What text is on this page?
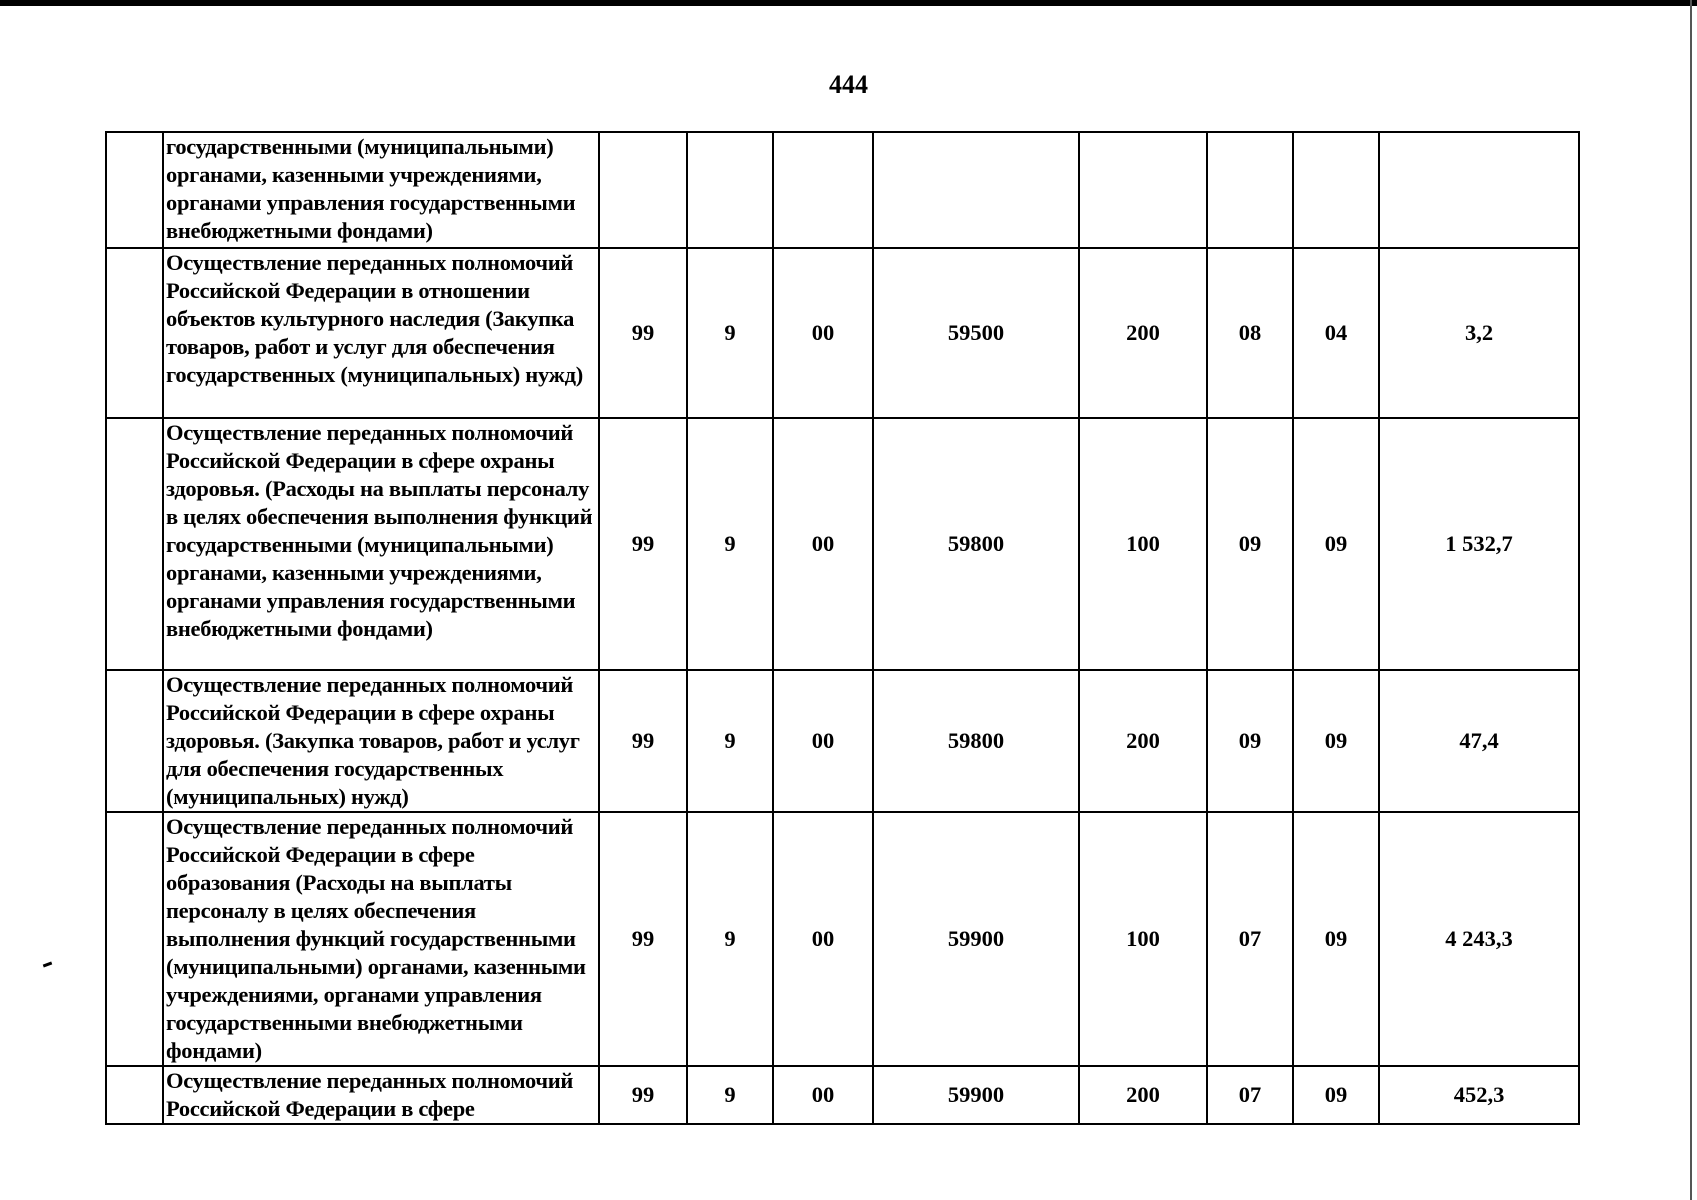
444
	государственными (муниципальными) органами, казенными учреждениями, органами управления государственными внебюджетными фондами)								
	Осуществление переданных полномочий Российской Федерации в отношении объектов культурного наследия (Закупка товаров, работ и услуг для обеспечения государственных (муниципальных) нужд)	99	9	00	59500	200	08	04	3,2
	Осуществление переданных полномочий Российской Федерации в сфере охраны здоровья. (Расходы на выплаты персоналу в целях обеспечения выполнения функций государственными (муниципальными) органами, казенными учреждениями, органами управления государственными внебюджетными фондами)	99	9	00	59800	100	09	09	1 532,7
	Осуществление переданных полномочий Российской Федерации в сфере охраны здоровья. (Закупка товаров, работ и услуг для обеспечения государственных (муниципальных) нужд)	99	9	00	59800	200	09	09	47,4
	Осуществление переданных полномочий Российской Федерации в сфере образования (Расходы на выплаты персоналу в целях обеспечения выполнения функций государственными (муниципальными) органами, казенными учреждениями, органами управления государственными внебюджетными фондами)	99	9	00	59900	100	07	09	4 243,3
	Осуществление переданных полномочий Российской Федерации в сфере	99	9	00	59900	200	07	09	452,3
